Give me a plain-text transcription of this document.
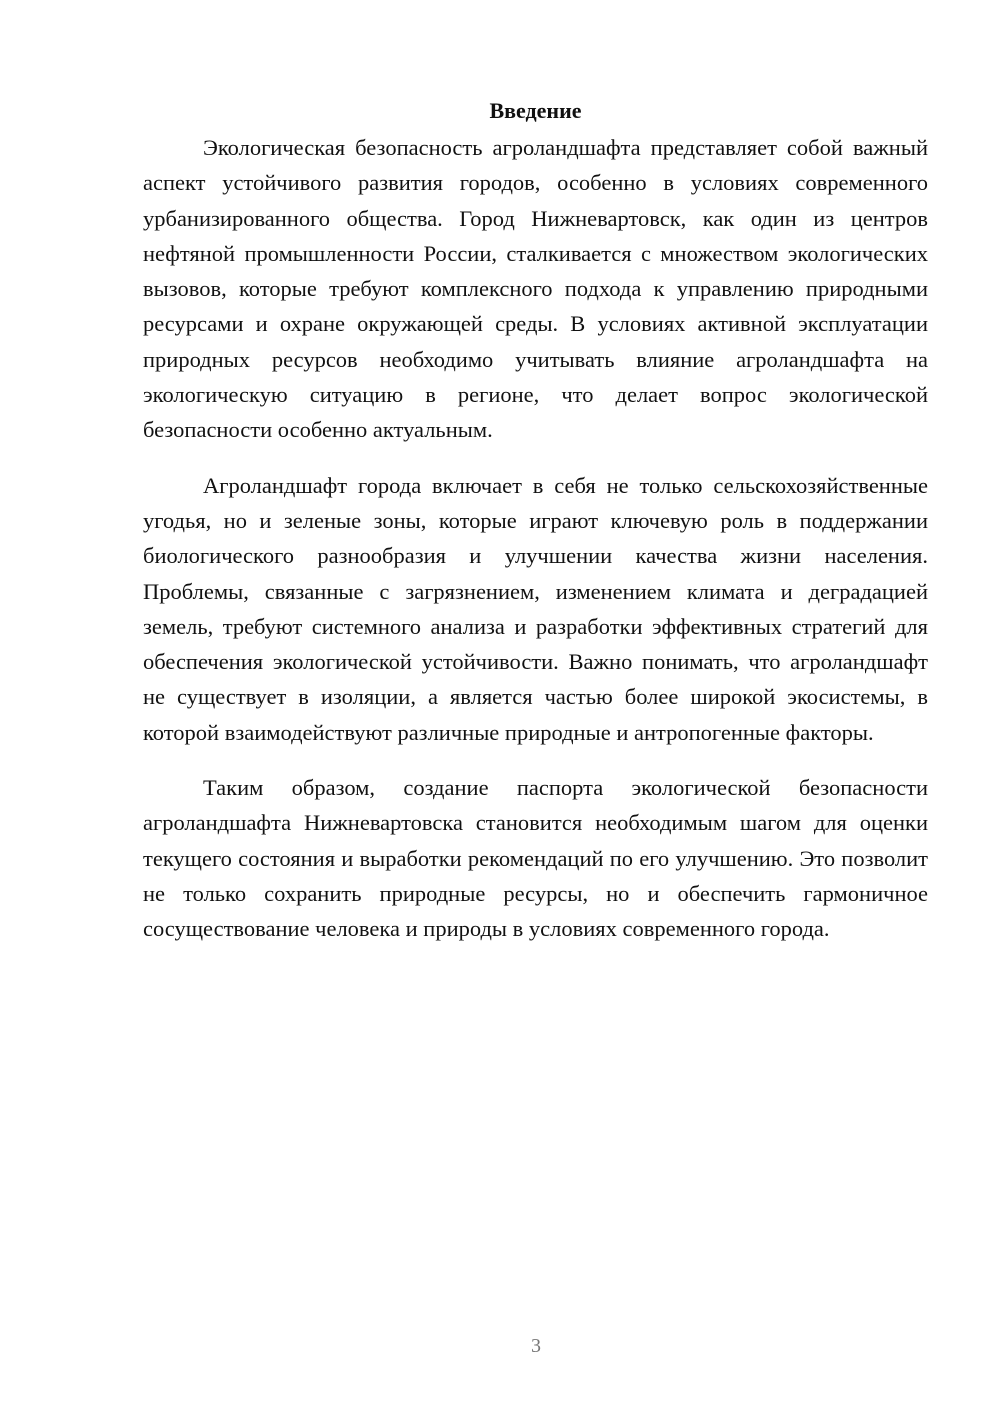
Введение

Экологическая безопасность агроландшафта представляет собой важный аспект устойчивого развития городов, особенно в условиях современного урбанизированного общества. Город Нижневартовск, как один из центров нефтяной промышленности России, сталкивается с множеством экологических вызовов, которые требуют комплексного подхода к управлению природными ресурсами и охране окружающей среды. В условиях активной эксплуатации природных ресурсов необходимо учитывать влияние агроландшафта на экологическую ситуацию в регионе, что делает вопрос экологической безопасности особенно актуальным.

Агроландшафт города включает в себя не только сельскохозяйственные угодья, но и зеленые зоны, которые играют ключевую роль в поддержании биологического разнообразия и улучшении качества жизни населения. Проблемы, связанные с загрязнением, изменением климата и деградацией земель, требуют системного анализа и разработки эффективных стратегий для обеспечения экологической устойчивости. Важно понимать, что агроландшафт не существует в изоляции, а является частью более широкой экосистемы, в которой взаимодействуют различные природные и антропогенные факторы.

Таким образом, создание паспорта экологической безопасности агроландшафта Нижневартовска становится необходимым шагом для оценки текущего состояния и выработки рекомендаций по его улучшению. Это позволит не только сохранить природные ресурсы, но и обеспечить гармоничное сосуществование человека и природы в условиях современного города.

3
